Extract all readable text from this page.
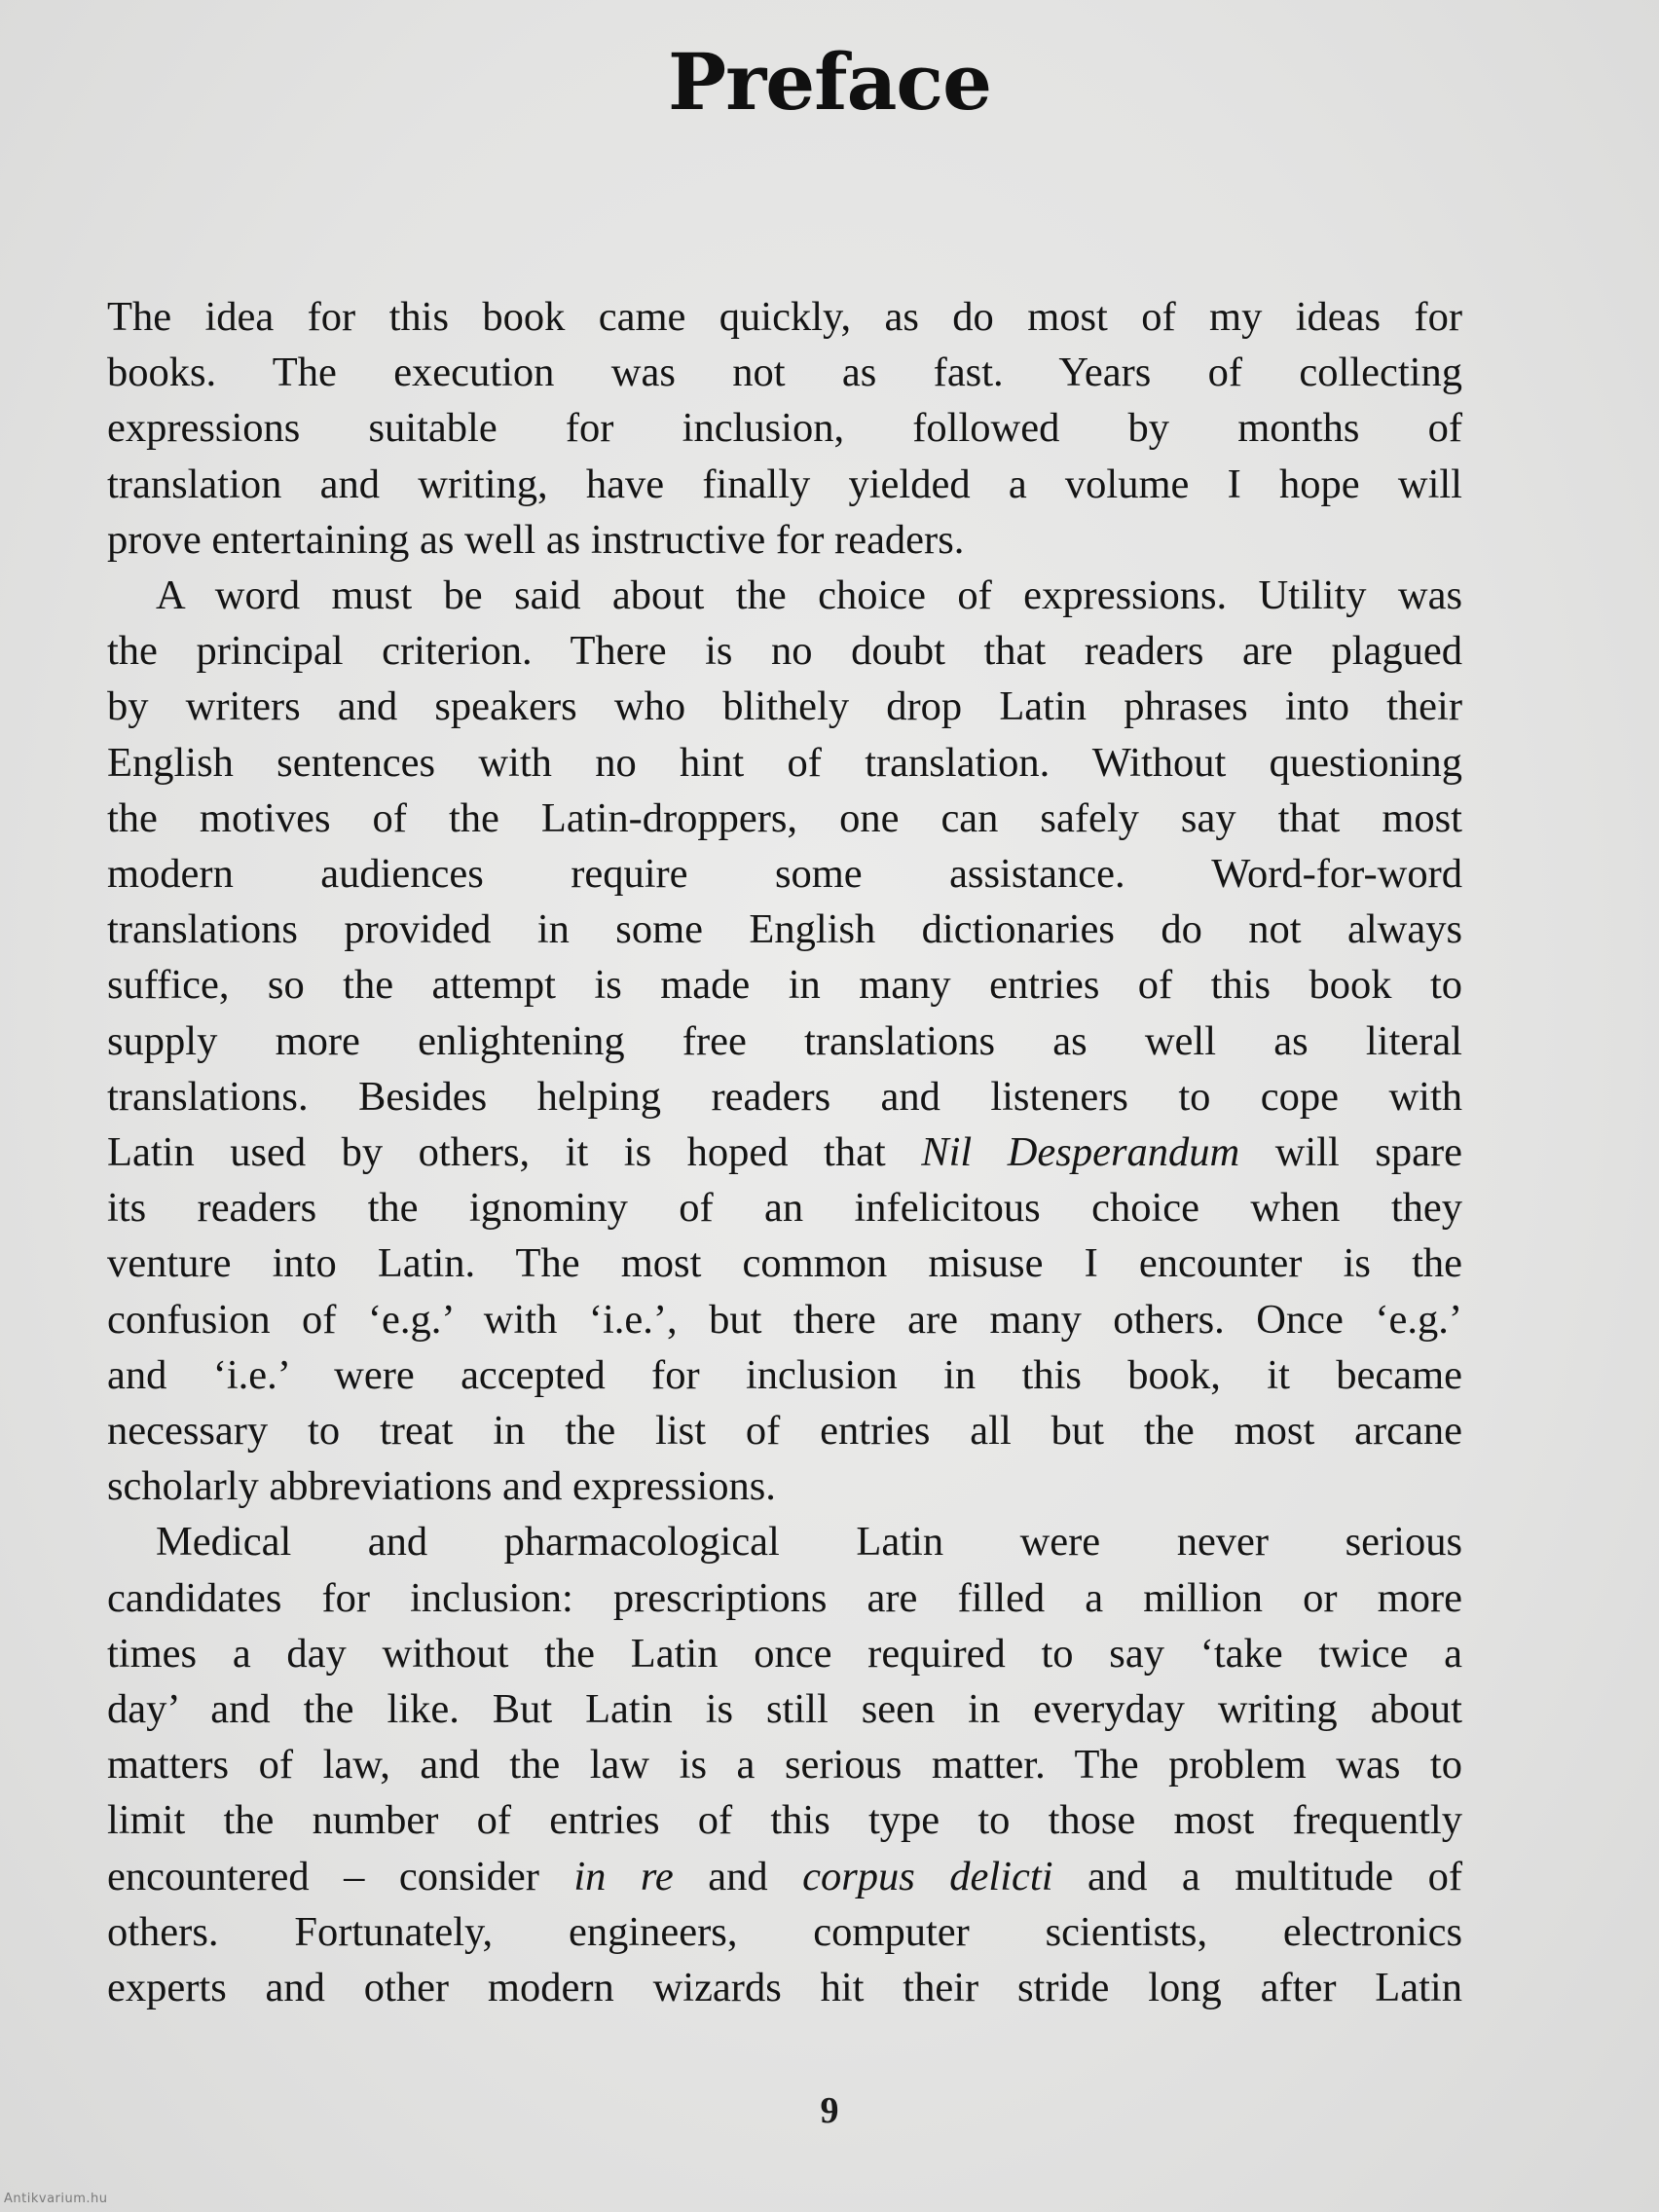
Preface
The idea for this book came quickly, as do most of my ideas for
books. The execution was not as fast. Years of collecting
expressions suitable for inclusion, followed by months of
translation and writing, have finally yielded a volume I hope will
prove entertaining as well as instructive for readers.
A word must be said about the choice of expressions. Utility was
the principal criterion. There is no doubt that readers are plagued
by writers and speakers who blithely drop Latin phrases into their
English sentences with no hint of translation. Without questioning
the motives of the Latin-droppers, one can safely say that most
modern audiences require some assistance. Word-for-word
translations provided in some English dictionaries do not always
suffice, so the attempt is made in many entries of this book to
supply more enlightening free translations as well as literal
translations. Besides helping readers and listeners to cope with
Latin used by others, it is hoped that Nil Desperandum will spare
its readers the ignominy of an infelicitous choice when they
venture into Latin. The most common misuse I encounter is the
confusion of ‘e.g.’ with ‘i.e.’, but there are many others. Once ‘e.g.’
and ‘i.e.’ were accepted for inclusion in this book, it became
necessary to treat in the list of entries all but the most arcane
scholarly abbreviations and expressions.
Medical and pharmacological Latin were never serious
candidates for inclusion: prescriptions are filled a million or more
times a day without the Latin once required to say ‘take twice a
day’ and the like. But Latin is still seen in everyday writing about
matters of law, and the law is a serious matter. The problem was to
limit the number of entries of this type to those most frequently
encountered – consider in re and corpus delicti and a multitude of
others. Fortunately, engineers, computer scientists, electronics
experts and other modern wizards hit their stride long after Latin
9
Antikvarium.hu
